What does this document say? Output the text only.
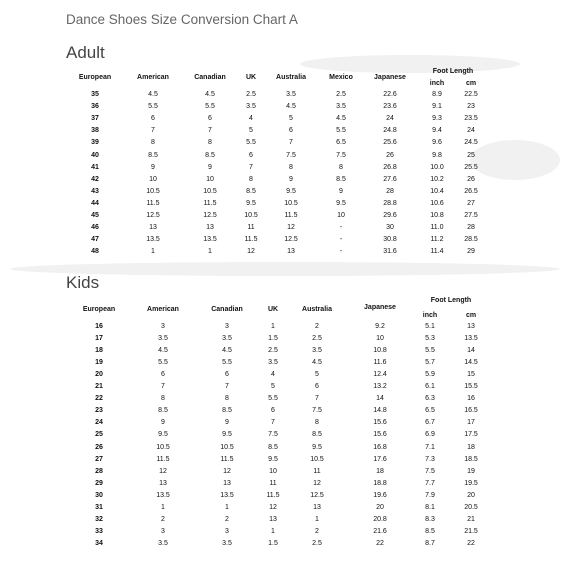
Dance Shoes Size Conversion Chart A
Adult
Kids
Foot Length
European	American	Canadian	UK	Australia	Mexico	Japanese
inch	cm
35	4.5	4.5	2.5	3.5	2.5	22.6	8.9	22.5
36	5.5	5.5	3.5	4.5	3.5	23.6	9.1	23
37	6	6	4	5	4.5	24	9.3	23.5
38	7	7	5	6	5.5	24.8	9.4	24
39	8	8	5.5	7	6.5	25.6	9.6	24.5
40	8.5	8.5	6	7.5	7.5	26	9.8	25
41	9	9	7	8	8	26.8	10.0	25.5
42	10	10	8	9	8.5	27.6	10.2	26
43	10.5	10.5	8.5	9.5	9	28	10.4	26.5
44	11.5	11.5	9.5	10.5	9.5	28.8	10.6	27
45	12.5	12.5	10.5	11.5	10	29.6	10.8	27.5
46	13	13	11	12	-	30	11.0	28
47	13.5	13.5	11.5	12.5	-	30.8	11.2	28.5
48	1	1	12	13	-	31.6	11.4	29
Foot Length
European	American	Canadian	UK	Australia	Japanese
inch	cm
16	3	3	1	2	9.2	5.1	13
17	3.5	3.5	1.5	2.5	10	5.3	13.5
18	4.5	4.5	2.5	3.5	10.8	5.5	14
19	5.5	5.5	3.5	4.5	11.6	5.7	14.5
20	6	6	4	5	12.4	5.9	15
21	7	7	5	6	13.2	6.1	15.5
22	8	8	5.5	7	14	6.3	16
23	8.5	8.5	6	7.5	14.8	6.5	16.5
24	9	9	7	8	15.6	6.7	17
25	9.5	9.5	7.5	8.5	15.6	6.9	17.5
26	10.5	10.5	8.5	9.5	16.8	7.1	18
27	11.5	11.5	9.5	10.5	17.6	7.3	18.5
28	12	12	10	11	18	7.5	19
29	13	13	11	12	18.8	7.7	19.5
30	13.5	13.5	11.5	12.5	19.6	7.9	20
31	1	1	12	13	20	8.1	20.5
32	2	2	13	1	20.8	8.3	21
33	3	3	1	2	21.6	8.5	21.5
34	3.5	3.5	1.5	2.5	22	8.7	22
